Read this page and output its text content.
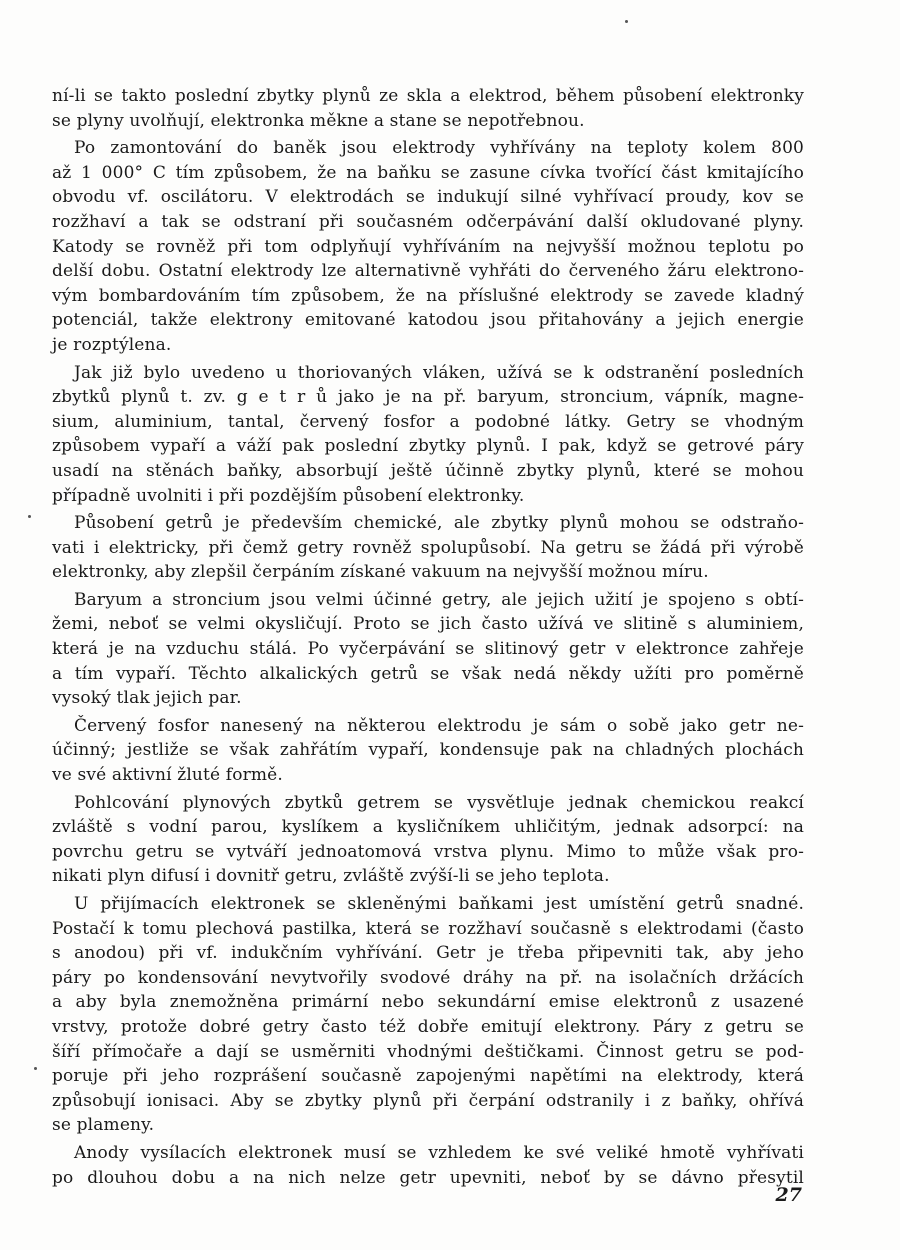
ní-li se takto poslední zbytky plynů ze skla a elektrod, během působení elektronky
se plyny uvolňují, elektronka měkne a stane se nepotřebnou.

Po zamontování do baněk jsou elektrody vyhřívány na teploty kolem 800
až 1 000° C tím způsobem, že na baňku se zasune cívka tvořící část kmitajícího
obvodu vf. oscilátoru. V elektrodách se indukují silné vyhřívací proudy, kov se
rozžhaví a tak se odstraní při současném odčerpávání další okludované plyny.
Katody se rovněž při tom odplyňují vyhříváním na nejvyšší možnou teplotu po
delší dobu. Ostatní elektrody lze alternativně vyhřáti do červeného žáru elektrono-
vým bombardováním tím způsobem, že na příslušné elektrody se zavede kladný
potenciál, takže elektrony emitované katodou jsou přitahovány a jejich energie
je rozptýlena.

Jak již bylo uvedeno u thoriovaných vláken, užívá se k odstranění posledních
zbytků plynů t. zv. g e t r ů jako je na př. baryum, stroncium, vápník, magne-
sium, aluminium, tantal, červený fosfor a podobné látky. Getry se vhodným
způsobem vypaří a váží pak poslední zbytky plynů. I pak, když se getrové páry
usadí na stěnách baňky, absorbují ještě účinně zbytky plynů, které se mohou
případně uvolniti i při pozdějším působení elektronky.

Působení getrů je především chemické, ale zbytky plynů mohou se odstraňo-
vati i elektricky, při čemž getry rovněž spolupůsobí. Na getru se žádá při výrobě
elektronky, aby zlepšil čerpáním získané vakuum na nejvyšší možnou míru.

Baryum a stroncium jsou velmi účinné getry, ale jejich užití je spojeno s obtí-
žemi, neboť se velmi okysličují. Proto se jich často užívá ve slitině s aluminiem,
která je na vzduchu stálá. Po vyčerpávání se slitinový getr v elektronce zahřeje
a tím vypaří. Těchto alkalických getrů se však nedá někdy užíti pro poměrně
vysoký tlak jejich par.

Červený fosfor nanesený na některou elektrodu je sám o sobě jako getr ne-
účinný; jestliže se však zahřátím vypaří, kondensuje pak na chladných plochách
ve své aktivní žluté formě.

Pohlcování plynových zbytků getrem se vysvětluje jednak chemickou reakcí
zvláště s vodní parou, kyslíkem a kysličníkem uhličitým, jednak adsorpcí: na
povrchu getru se vytváří jednoatomová vrstva plynu. Mimo to může však pro-
nikati plyn difusí i dovnitř getru, zvláště zvýší-li se jeho teplota.

U přijímacích elektronek se skleněnými baňkami jest umístění getrů snadné.
Postačí k tomu plechová pastilka, která se rozžhaví současně s elektrodami (často
s anodou) při vf. indukčním vyhřívání. Getr je třeba připevniti tak, aby jeho
páry po kondensování nevytvořily svodové dráhy na př. na isolačních držácích
a aby byla znemožněna primární nebo sekundární emise elektronů z usazené
vrstvy, protože dobré getry často též dobře emitují elektrony. Páry z getru se
šíří přímočaře a dají se usměrniti vhodnými deštičkami. Činnost getru se pod-
poruje při jeho rozprášení současně zapojenými napětími na elektrody, která
způsobují ionisaci. Aby se zbytky plynů při čerpání odstranily i z baňky, ohřívá
se plameny.

Anody vysílacích elektronek musí se vzhledem ke své veliké hmotě vyhřívati
po dlouhou dobu a na nich nelze getr upevniti, neboť by se dávno přesytil

27
